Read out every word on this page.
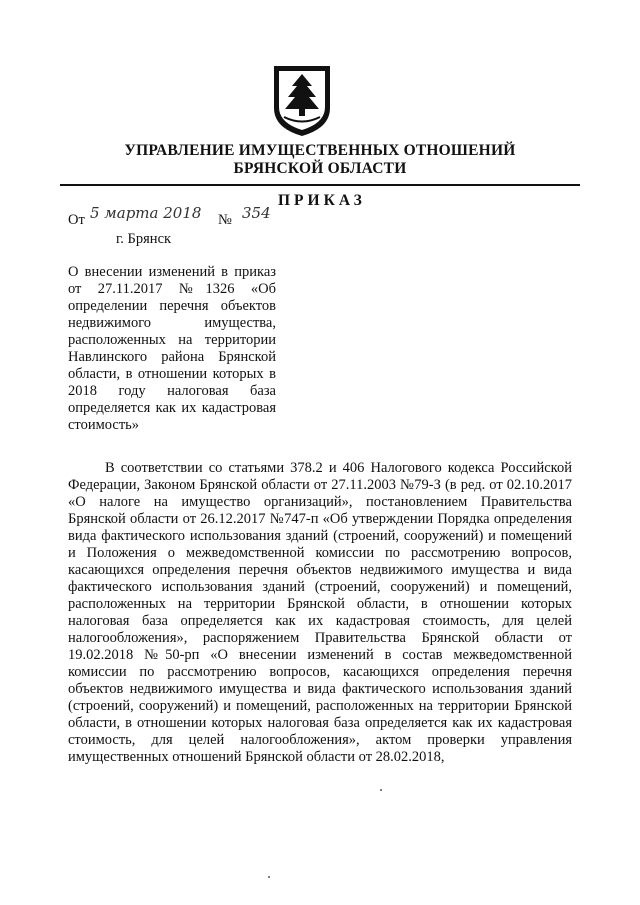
УПРАВЛЕНИЕ ИМУЩЕСТВЕННЫХ ОТНОШЕНИЙ
БРЯНСКОЙ ОБЛАСТИ
ПРИКАЗ
От 5 марта 2018 № 354
г. Брянск
О внесении изменений в приказ от 27.11.2017 №1326 «Об определении перечня объектов недвижимого имущества, расположенных на территории Навлинского района Брянской области, в отношении которых в 2018 году налоговая база определяется как их кадастровая стоимость»
В соответствии со статьями 378.2 и 406 Налогового кодекса Российской Федерации, Законом Брянской области от 27.11.2003 №79-З (в ред. от 02.10.2017 «О налоге на имущество организаций», постановлением Правительства Брянской области от 26.12.2017 №747-п «Об утверждении Порядка определения вида фактического использования зданий (строений, сооружений) и помещений и Положения о межведомственной комиссии по рассмотрению вопросов, касающихся определения перечня объектов недвижимого имущества и вида фактического использования зданий (строений, сооружений) и помещений, расположенных на территории Брянской области, в отношении которых налоговая база определяется как их кадастровая стоимость, для целей налогообложения», распоряжением Правительства Брянской области от 19.02.2018 №50-рп «О внесении изменений в состав межведомственной комиссии по рассмотрению вопросов, касающихся определения перечня объектов недвижимого имущества и вида фактического использования зданий (строений, сооружений) и помещений, расположенных на территории Брянской области, в отношении которых налоговая база определяется как их кадастровая стоимость, для целей налогообложения», актом проверки управления имущественных отношений Брянской области от 28.02.2018,
